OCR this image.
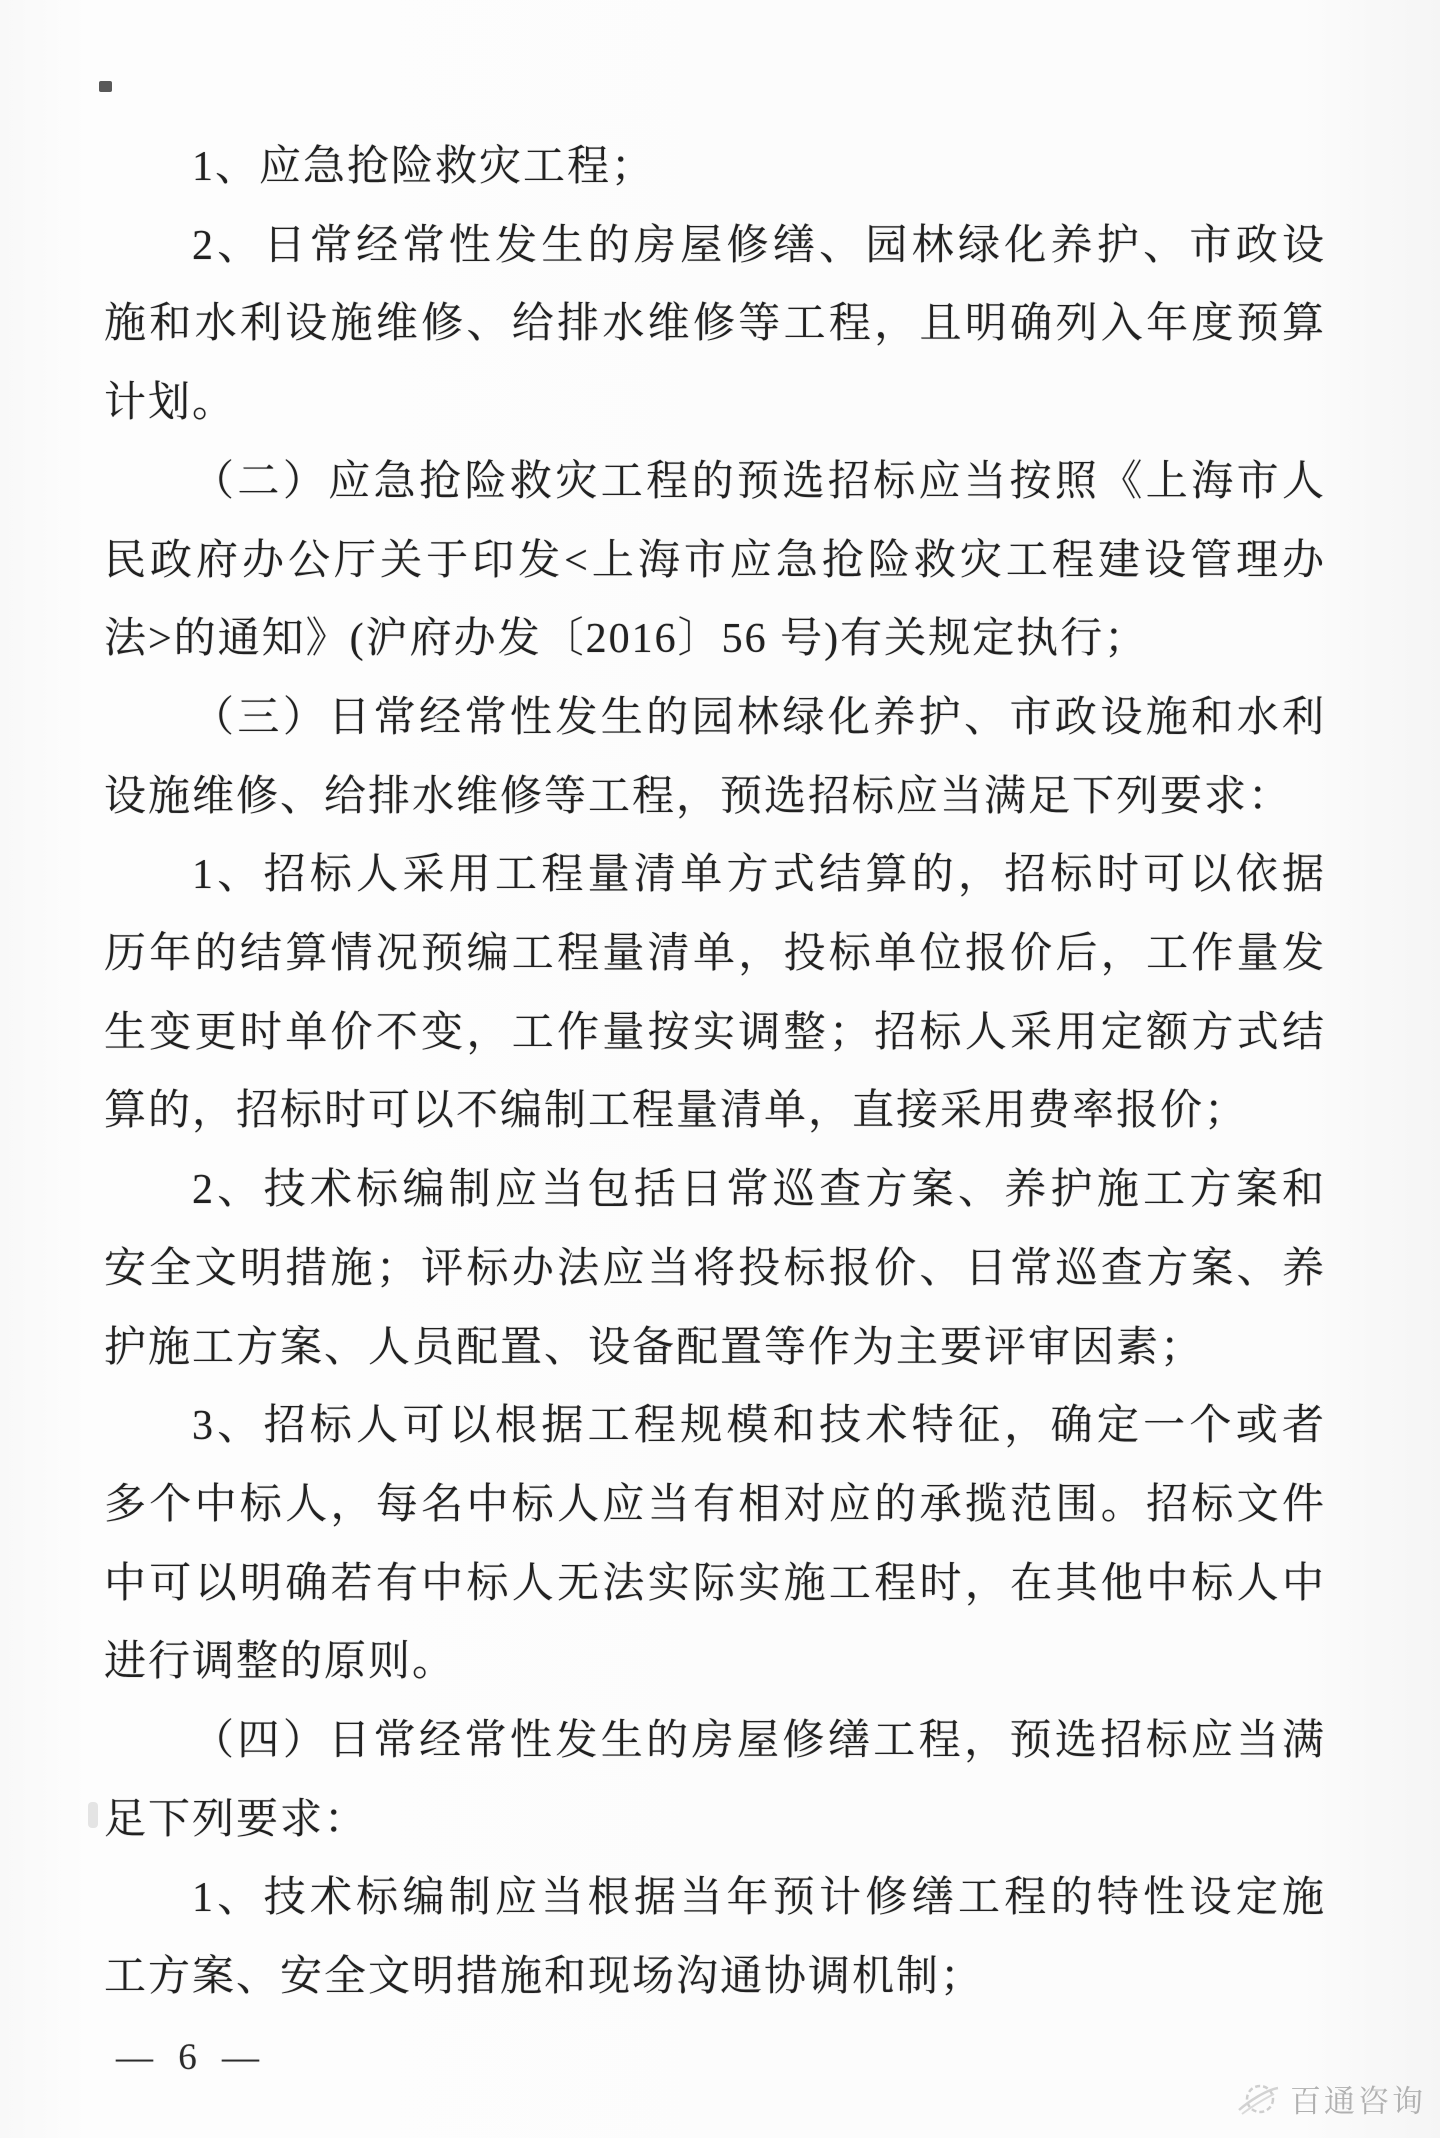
1、应急抢险救灾工程；
2、日常经常性发生的房屋修缮、园林绿化养护、市政设
施和水利设施维修、给排水维修等工程，且明确列入年度预算
计划。
（二）应急抢险救灾工程的预选招标应当按照《上海市人
民政府办公厅关于印发<上海市应急抢险救灾工程建设管理办
法>的通知》(沪府办发〔2016〕56 号)有关规定执行；
（三）日常经常性发生的园林绿化养护、市政设施和水利
设施维修、给排水维修等工程，预选招标应当满足下列要求：
1、招标人采用工程量清单方式结算的，招标时可以依据
历年的结算情况预编工程量清单，投标单位报价后，工作量发
生变更时单价不变，工作量按实调整；招标人采用定额方式结
算的，招标时可以不编制工程量清单，直接采用费率报价；
2、技术标编制应当包括日常巡查方案、养护施工方案和
安全文明措施；评标办法应当将投标报价、日常巡查方案、养
护施工方案、人员配置、设备配置等作为主要评审因素；
3、招标人可以根据工程规模和技术特征，确定一个或者
多个中标人，每名中标人应当有相对应的承揽范围。招标文件
中可以明确若有中标人无法实际实施工程时，在其他中标人中
进行调整的原则。
（四）日常经常性发生的房屋修缮工程，预选招标应当满
足下列要求：
1、技术标编制应当根据当年预计修缮工程的特性设定施
工方案、安全文明措施和现场沟通协调机制；
— 6 —
百通咨询
